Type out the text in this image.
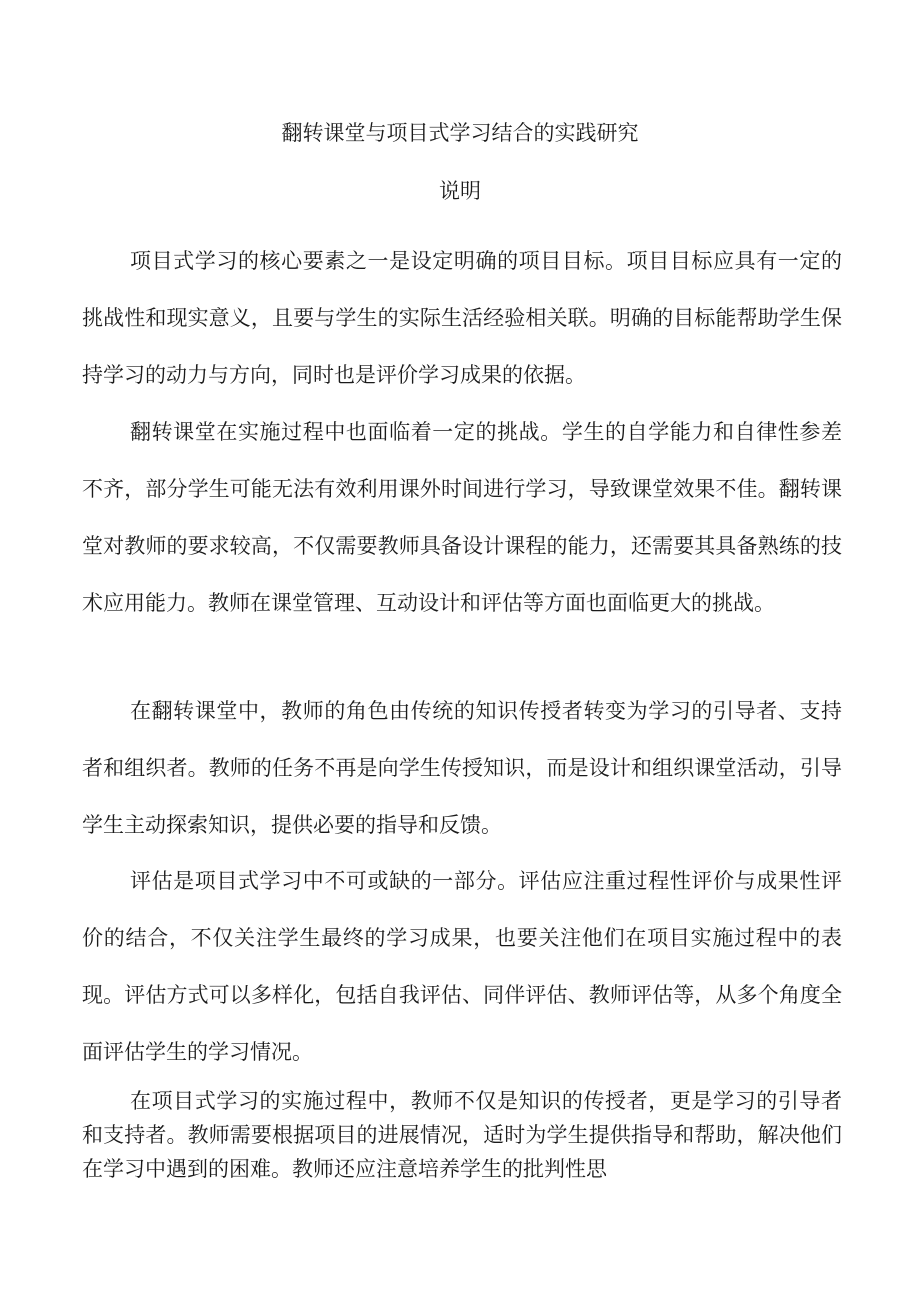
翻转课堂与项目式学习结合的实践研究
说明

项目式学习的核心要素之一是设定明确的项目目标。项目目标应具有一定的挑战性和现实意义，且要与学生的实际生活经验相关联。明确的目标能帮助学生保持学习的动力与方向，同时也是评价学习成果的依据。

翻转课堂在实施过程中也面临着一定的挑战。学生的自学能力和自律性参差不齐，部分学生可能无法有效利用课外时间进行学习，导致课堂效果不佳。翻转课堂对教师的要求较高，不仅需要教师具备设计课程的能力，还需要其具备熟练的技术应用能力。教师在课堂管理、互动设计和评估等方面也面临更大的挑战。

在翻转课堂中，教师的角色由传统的知识传授者转变为学习的引导者、支持者和组织者。教师的任务不再是向学生传授知识，而是设计和组织课堂活动，引导学生主动探索知识，提供必要的指导和反馈。

评估是项目式学习中不可或缺的一部分。评估应注重过程性评价与成果性评价的结合，不仅关注学生最终的学习成果，也要关注他们在项目实施过程中的表现。评估方式可以多样化，包括自我评估、同伴评估、教师评估等，从多个角度全面评估学生的学习情况。

在项目式学习的实施过程中，教师不仅是知识的传授者，更是学习的引导者和支持者。教师需要根据项目的进展情况，适时为学生提供指导和帮助，解决他们在学习中遇到的困难。教师还应注意培养学生的批判性思
